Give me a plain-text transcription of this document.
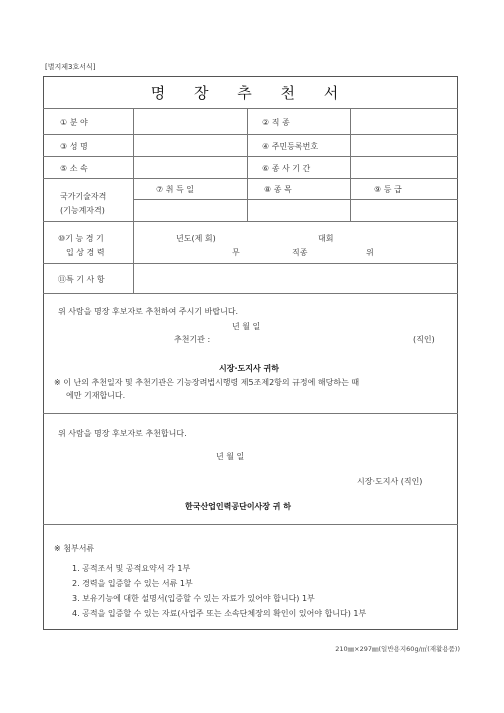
[별지제3호서식]
명 장 추 천 서
① 분 야	② 직 종
③ 성 명	④ 주민등록번호
⑤ 소 속	⑥ 종 사 기 간
국가기술자격
(기능계자격)
⑦ 취 득 일	⑧ 종 목	⑨ 등 급
⑩기 능 경 기
입 상 경 력
년도(제 회)	대회
무	직종	위
⑪특 기 사 항
위 사람을 명장 후보자로 추천하여 주시기 바랍니다.
년 월 일
추천기관 :	(직인)
시장·도지사 귀하
※ 이 난의 추천일자 및 추천기관은 기능장려법시행령 제5조제2항의 규정에 해당하는 때
에만 기재합니다.
위 사람을 명장 후보자로 추천합니다.
년 월 일
시장·도지사 (직인)
한국산업인력공단이사장 귀 하
※ 첨부서류
1. 공적조서 및 공적요약서 각 1부
2. 경력을 입증할 수 있는 서류 1부
3. 보유기능에 대한 설명서(입증할 수 있는 자료가 있어야 합니다) 1부
4. 공적을 입증할 수 있는 자료(사업주 또는 소속단체장의 확인이 있어야 합니다) 1부
210㎜×297㎜(일반용지60g/㎡(재활용품))
